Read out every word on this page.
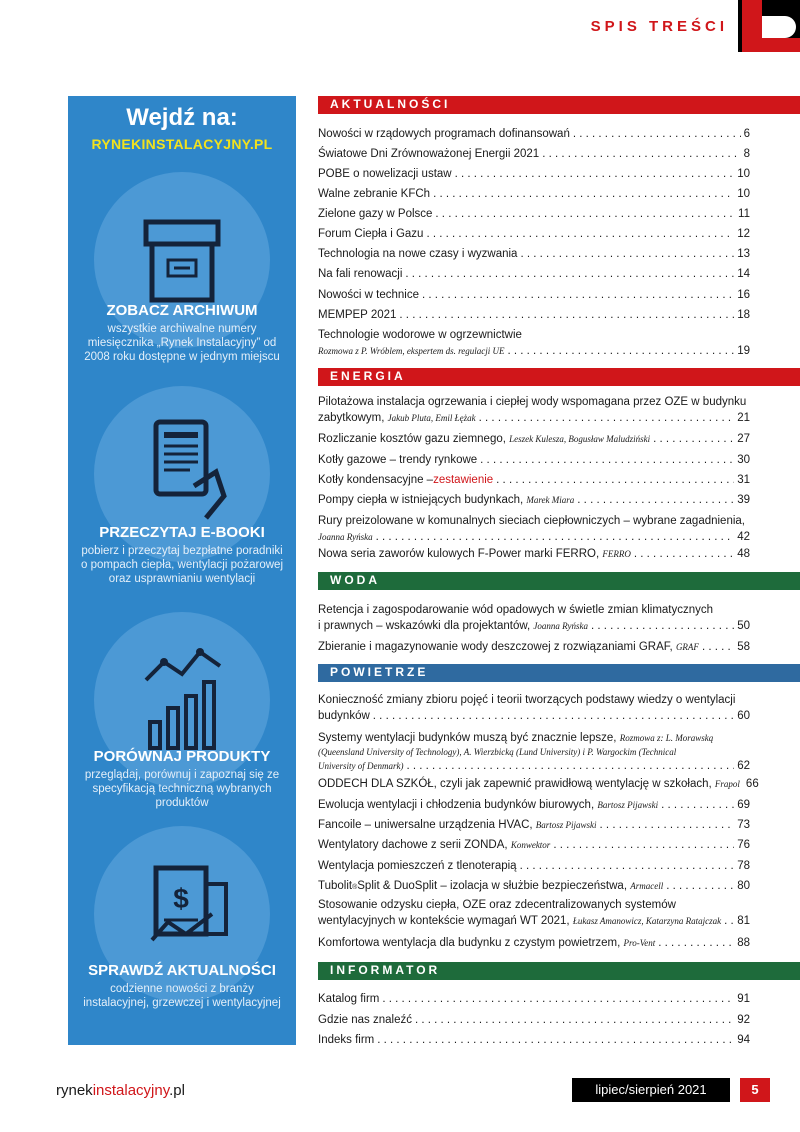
SPIS TREŚCI
Wejdź na:
RYNEKINSTALACYJNY.PL
ZOBACZ ARCHIWUM
wszystkie archiwalne numery miesięcznika „Rynek Instalacyjny” od 2008 roku dostępne w jednym miejscu
PRZECZYTAJ E-BOOKI
pobierz i przeczytaj bezpłatne poradniki o pompach ciepła, wentylacji pożarowej oraz usprawnianiu wentylacji
PORÓWNAJ PRODUKTY
przeglądaj, porównuj i zapoznaj się ze specyfikacją techniczną wybranych produktów
$
SPRAWDŹ AKTUALNOŚCI
codzienne nowości z branży instalacyjnej, grzewczej i wentylacyjnej
AKTUALNOŚCI
Nowości w rządowych programach dofinansowań . . .	6
Światowe Dni Zrównoważonej Energii 2021 . . .	8
POBE o nowelizacji ustaw . . .	10
Walne zebranie KFCh . . .	10
Zielone gazy w Polsce . . .	11
Forum Ciepła i Gazu . . .	12
Technologia na nowe czasy i wyzwania . . .	13
Na fali renowacji . . .	14
Nowości w technice . . .	16
MEMPEP 2021 . . .	18
Technologie wodorowe w ogrzewnictwie
Rozmowa z P. Wróblem, ekspertem ds. regulacji UE . . .	19
ENERGIA
Pilotażowa instalacja ogrzewania i ciepłej wody wspomagana przez OZE w budynku
zabytkowym,
Jakub Pluta, Emil Łężak . . .	21
Rozliczanie kosztów gazu ziemnego,
Leszek Kulesza, Bogusław Maludziński . . .	27
Kotły gazowe – trendy rynkowe . . .	30
Kotły kondensacyjne – zestawienie . . .	31
Pompy ciepła w istniejących budynkach,
Marek Miara . . .	39
Rury preizolowane w komunalnych sieciach ciepłowniczych – wybrane zagadnienia,
Joanna Ryńska . . .	42
Nowa seria zaworów kulowych F-Power marki FERRO,
FERRO . . .	48
WODA
Retencja i zagospodarowanie wód opadowych w świetle zmian klimatycznych
i prawnych – wskazówki dla projektantów,
Joanna Ryńska . . .	50
Zbieranie i magazynowanie wody deszczowej z rozwiązaniami GRAF,
GRAF . . .	58
POWIETRZE
Konieczność zmiany zbioru pojęć i teorii tworzących podstawy wiedzy o wentylacji
budynków . . .	60
Systemy wentylacji budynków muszą być znacznie lepsze, Rozmowa z: L. Morawską
(Queensland University of Technology), A. Wierzbicką (Lund University) i P. Wargockim (Technical
University of Denmark) . . .	62
ODDECH DLA SZKÓŁ, czyli jak zapewnić prawidłową wentylację w szkołach,
Frapol 66
Ewolucja wentylacji i chłodzenia budynków biurowych,
Bartosz Pijawski . . .	69
Fancoile – uniwersalne urządzenia HVAC,
Bartosz Pijawski . . .	73
Wentylatory dachowe z serii ZONDA,
Konwektor . . .	76
Wentylacja pomieszczeń z tlenoterapią . . .	78
Tubolit ® Split & DuoSplit – izolacja w służbie bezpieczeństwa,
Armacell . . .	80
Stosowanie odzysku ciepła, OZE oraz zdecentralizowanych systemów
wentylacyjnych w kontekście wymagań WT 2021,
Łukasz Amanowicz, Katarzyna Ratajczak . . . 81
Komfortowa wentylacja dla budynku z czystym powietrzem,
Pro-Vent . . .	88
INFORMATOR
Katalog firm . . .	91
Gdzie nas znaleźć . . .	92
Indeks firm . . .	94
rynekinstalacyjny.pl	lipiec/sierpień 2021	5
